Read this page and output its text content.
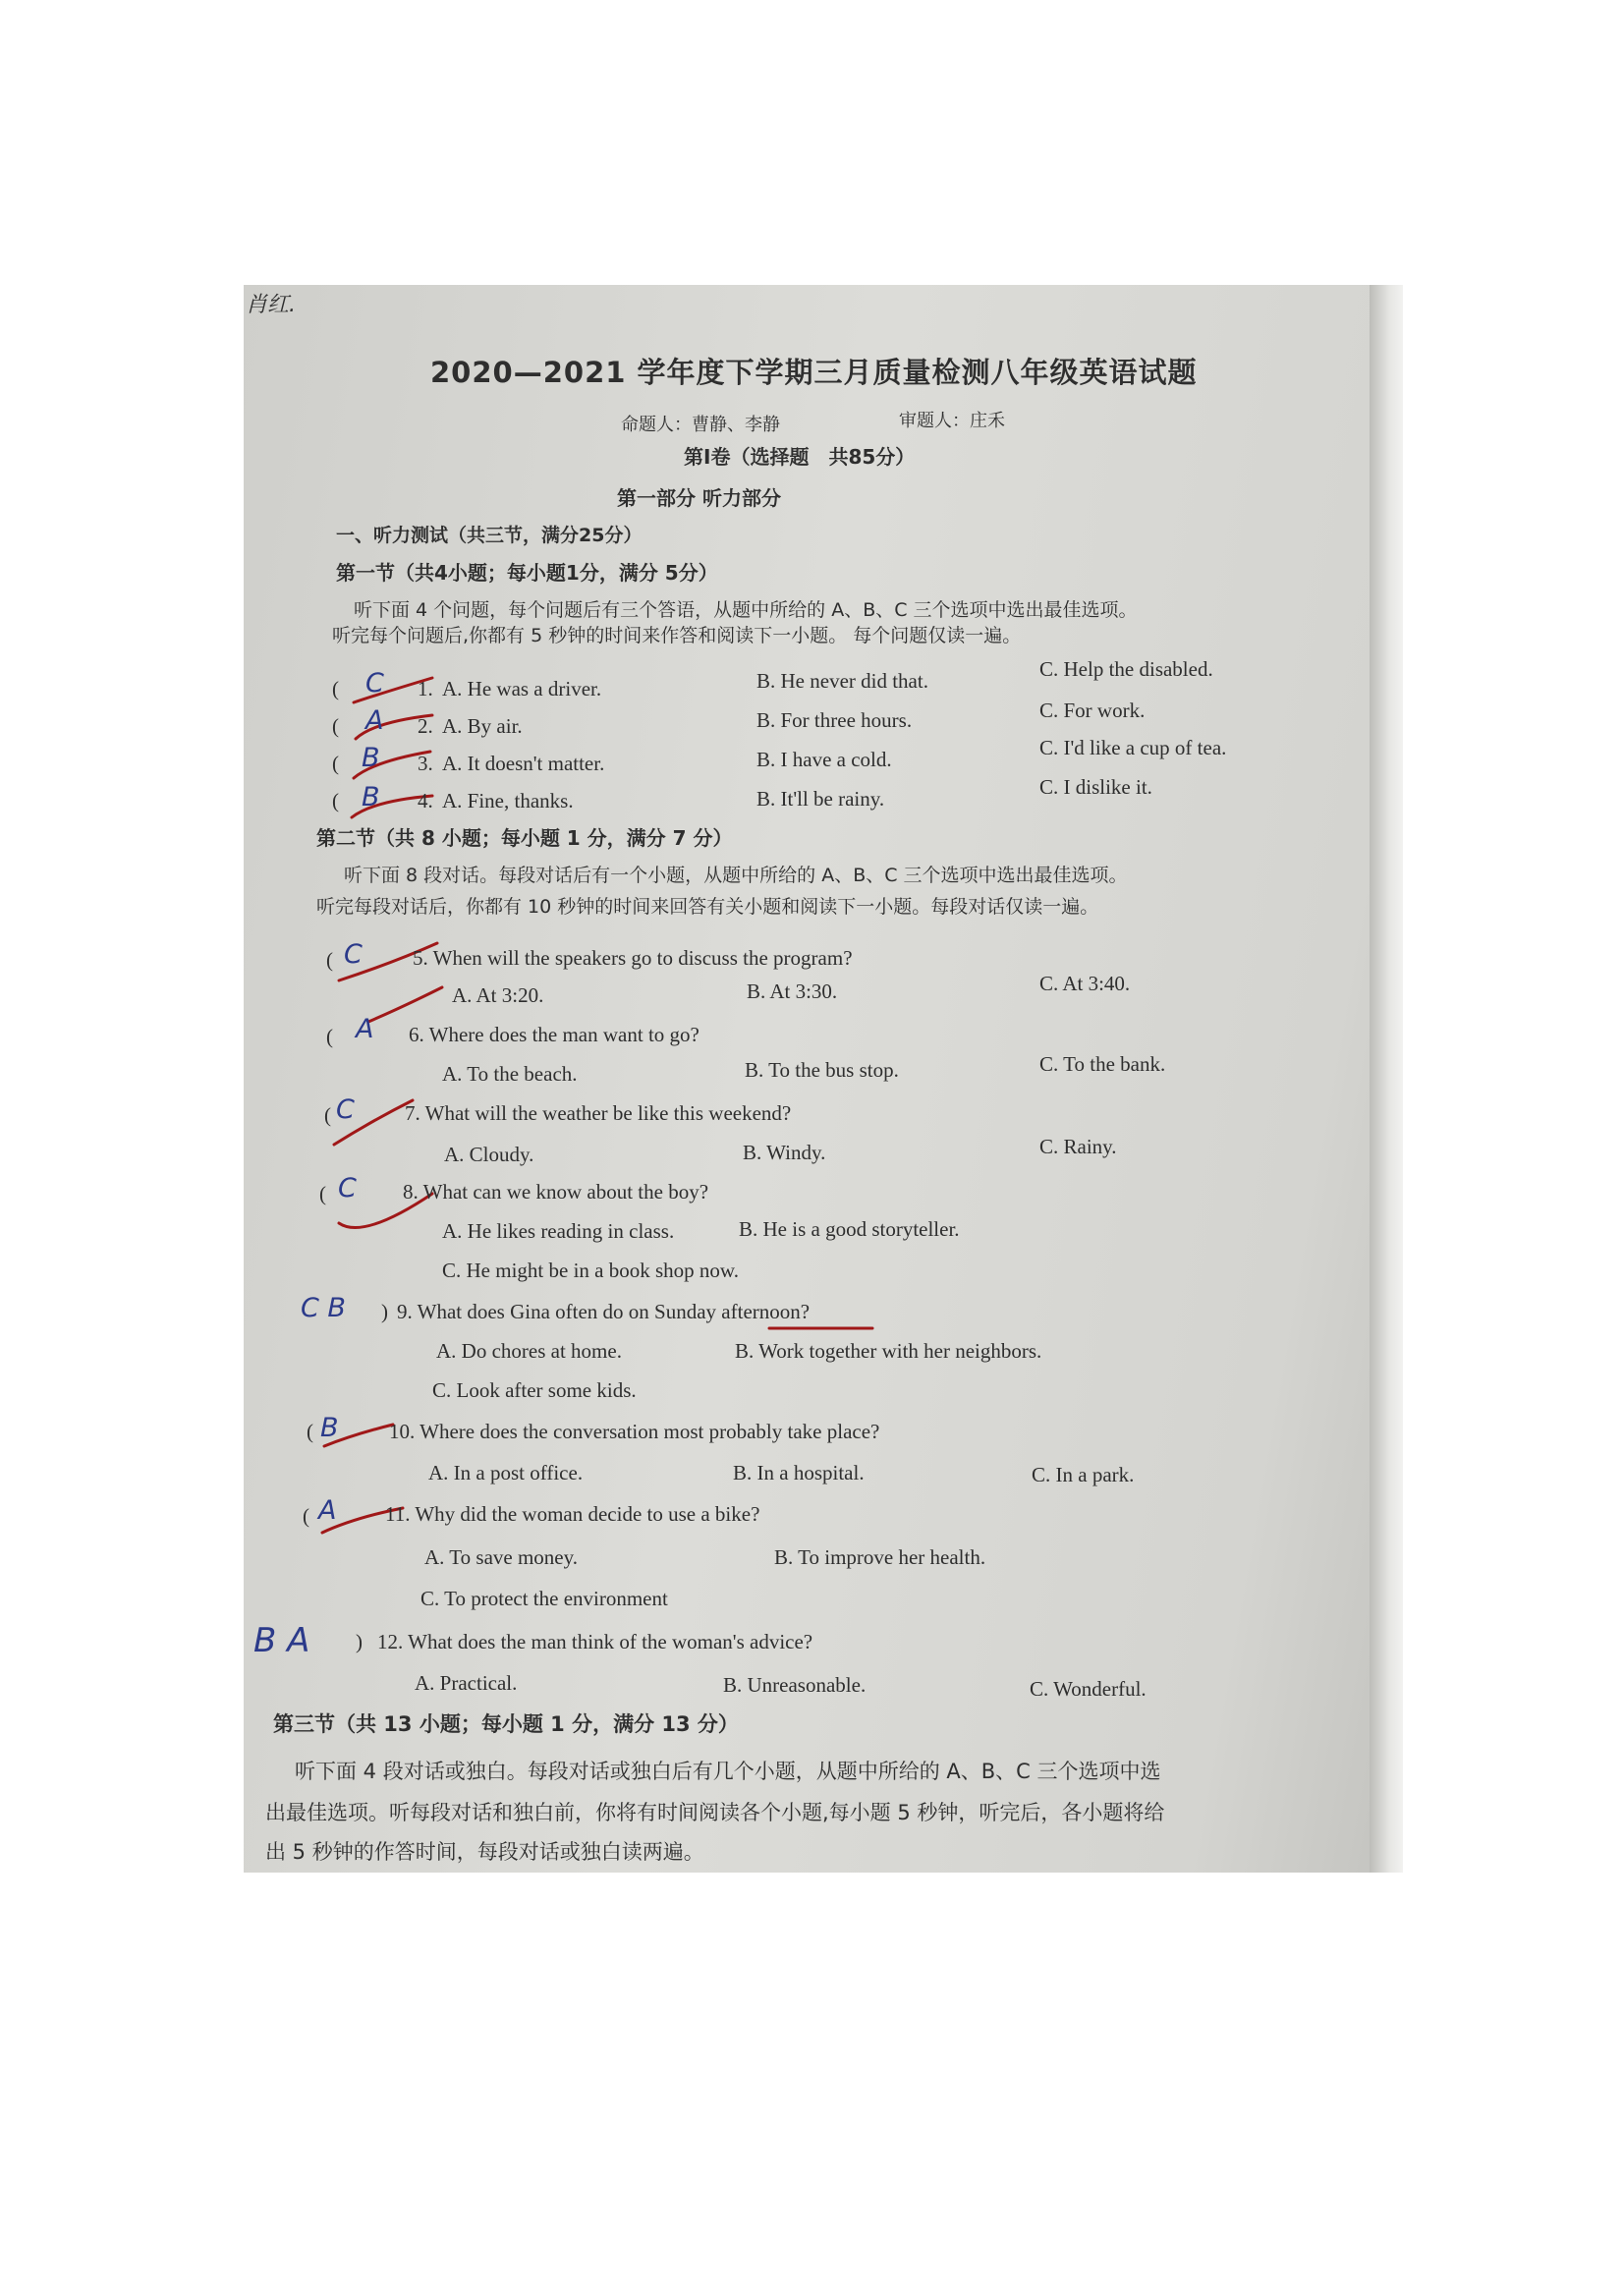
肖红.
2020—2021 学年度下学期三月质量检测八年级英语试题
命题人：曹静、李静	审题人：庄禾
第Ⅰ卷（选择题　共85分）
第一部分 听力部分
一、听力测试（共三节，满分25分）
第一节（共4小题；每小题1分，满分 5分）
听下面 4 个问题，每个问题后有三个答语，从题中所给的 A、B、C 三个选项中选出最佳选项。
听完每个问题后,你都有 5 秒钟的时间来作答和阅读下一小题。 每个问题仅读一遍。
( C 1. A. He was a driver.	B. He never did that.	C. Help the disabled.
( A 2. A. By air.	B. For three hours.	C. For work.
( B 3. A. It doesn't matter.	B. I have a cold.	C. I'd like a cup of tea.
( B 4. A. Fine, thanks.	B. It'll be rainy.	C. I dislike it.
第二节（共 8 小题；每小题 1 分，满分 7 分）
听下面 8 段对话。每段对话后有一个小题，从题中所给的 A、B、C 三个选项中选出最佳选项。
听完每段对话后，你都有 10 秒钟的时间来回答有关小题和阅读下一小题。每段对话仅读一遍。
( C 5. When will the speakers go to discuss the program?
A. At 3:20.	B. At 3:30.	C. At 3:40.
( A 6. Where does the man want to go?
A. To the beach.	B. To the bus stop.	C. To the bank.
( C 7. What will the weather be like this weekend?
A. Cloudy.	B. Windy.	C. Rainy.
( C 8. What can we know about the boy?
A. He likes reading in class.	B. He is a good storyteller.
C. He might be in a book shop now.
C B ) 9. What does Gina often do on Sunday afternoon?
A. Do chores at home.	B. Work together with her neighbors.
C. Look after some kids.
( B 10. Where does the conversation most probably take place?
A. In a post office.	B. In a hospital.	C. In a park.
( A 11. Why did the woman decide to use a bike?
A. To save money.	B. To improve her health.
C. To protect the environment
B A ) 12. What does the man think of the woman's advice?
A. Practical.	B. Unreasonable.	C. Wonderful.
第三节（共 13 小题；每小题 1 分，满分 13 分）
听下面 4 段对话或独白。每段对话或独白后有几个小题，从题中所给的 A、B、C 三个选项中选
出最佳选项。听每段对话和独白前，你将有时间阅读各个小题,每小题 5 秒钟，听完后，各小题将给
出 5 秒钟的作答时间，每段对话或独白读两遍。
